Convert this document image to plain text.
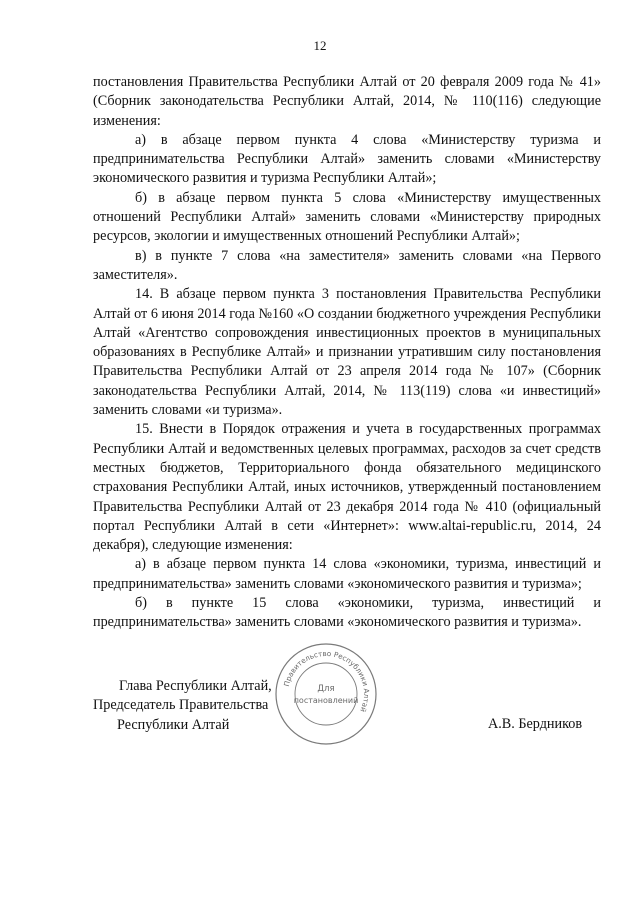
12

постановления Правительства Республики Алтай от 20 февраля 2009 года № 41» (Сборник законодательства Республики Алтай, 2014, № 110(116) следующие изменения:

а) в абзаце первом пункта 4 слова «Министерству туризма и предпринимательства Республики Алтай» заменить словами «Министерству экономического развития и туризма Республики Алтай»;

б) в абзаце первом пункта 5 слова «Министерству имущественных отношений Республики Алтай» заменить словами «Министерству природных ресурсов, экологии и имущественных отношений Республики Алтай»;

в) в пункте 7 слова «на заместителя» заменить словами «на Первого заместителя».

14. В абзаце первом пункта 3 постановления Правительства Республики Алтай от 6 июня 2014 года №160 «О создании бюджетного учреждения Республики Алтай «Агентство сопровождения инвестиционных проектов в муниципальных образованиях в Республике Алтай» и признании утратившим силу постановления Правительства Республики Алтай от 23 апреля 2014 года № 107» (Сборник законодательства Республики Алтай, 2014, № 113(119) слова «и инвестиций» заменить словами «и туризма».

15. Внести в Порядок отражения и учета в государственных программах Республики Алтай и ведомственных целевых программах, расходов за счет средств местных бюджетов, Территориального фонда обязательного медицинского страхования Республики Алтай, иных источников, утвержденный постановлением Правительства Республики Алтай от 23 декабря 2014 года № 410 (официальный портал Республики Алтай в сети «Интернет»: www.altai-republic.ru, 2014, 24 декабря), следующие изменения:

а) в абзаце первом пункта 14 слова «экономики, туризма, инвестиций и предпринимательства» заменить словами «экономического развития и туризма»;

б) в пункте 15 слова «экономики, туризма, инвестиций и предпринимательства» заменить словами «экономического развития и туризма».

Глава Республики Алтай,
Председатель Правительства
Республики Алтай	А.В. Бердников
Правительство Республики Алтай
Для
постановлений
